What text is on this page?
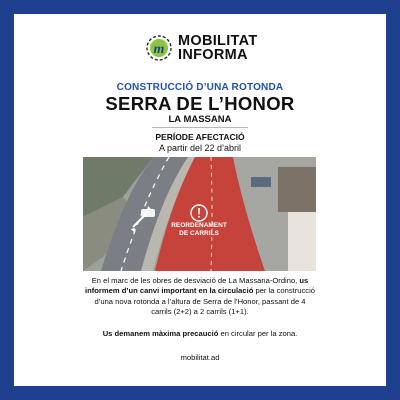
m
MOBILITAT
INFORMA
CONSTRUCCIÓ D’UNA ROTONDA
SERRA DE L’HONOR
LA MASSANA
PERÍODE AFECTACIÓ
A partir del 22 d’abril
REORDENAMENT
DE CARRILS
En el marc de les obres de desviació de La Massana-Ordino, us informem d’un canvi important en la circulació per la construcció d’una nova rotonda a l’altura de Serra de l’Honor, passant de 4 carrils (2+2) a 2 carrils (1+1).
Us demanem màxima precaució en circular per la zona.
mobilitat.ad
